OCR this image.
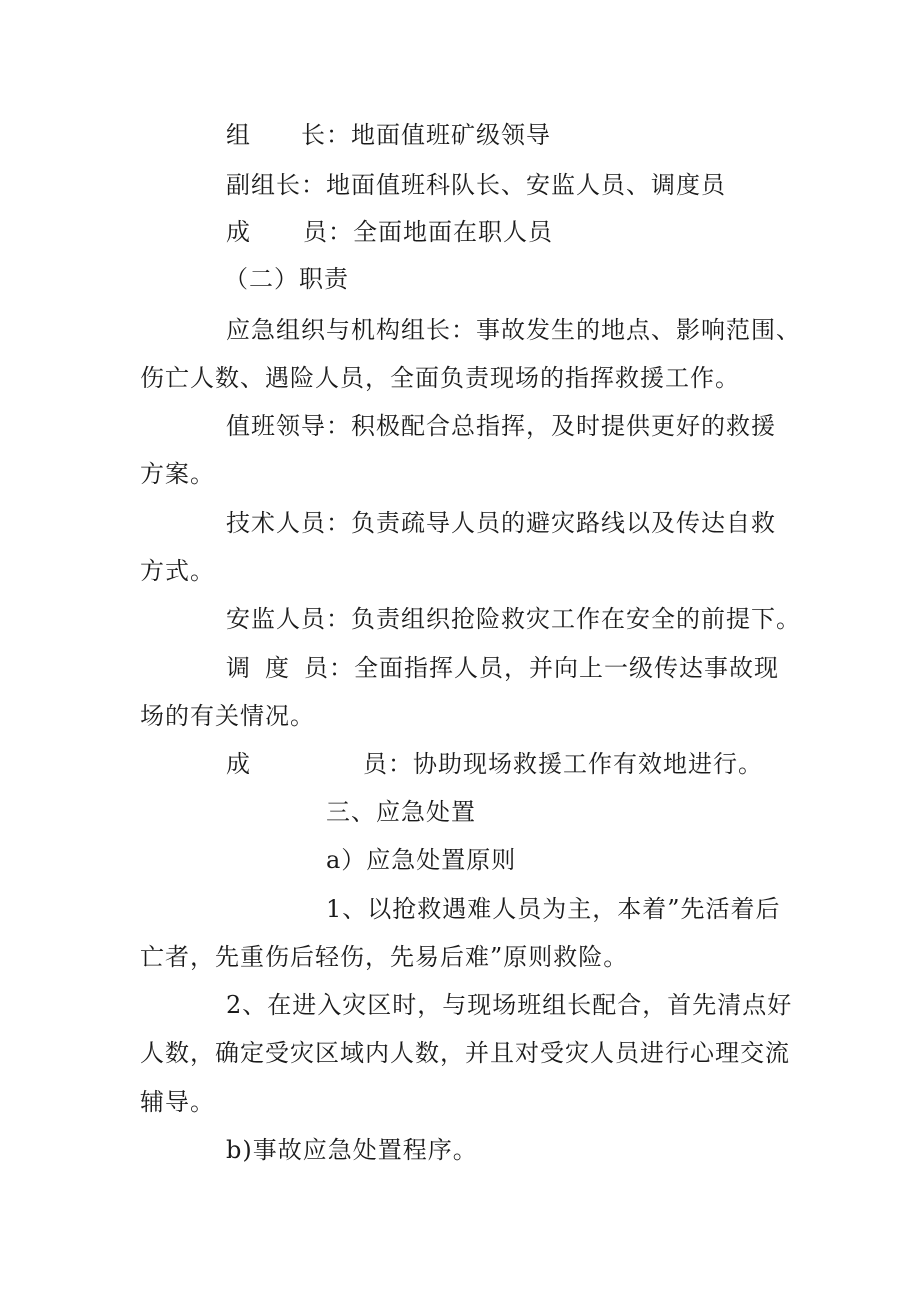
组 长：地面值班矿级领导
副组长：地面值班科队长、安监人员、调度员
成 员：全面地面在职人员
（二）职责
应急组织与机构组长：事故发生的地点、影响范围、
伤亡人数、遇险人员，全面负责现场的指挥救援工作。
值班领导：积极配合总指挥，及时提供更好的救援
方案。
技术人员：负责疏导人员的避灾路线以及传达自救
方式。
安监人员：负责组织抢险救灾工作在安全的前提下。
调 度 员：全面指挥人员，并向上一级传达事故现
场的有关情况。
成	员：协助现场救援工作有效地进行。
三、应急处置
a）应急处置原则
1、以抢救遇难人员为主，本着”先活着后
亡者，先重伤后轻伤，先易后难”原则救险。
2、在进入灾区时，与现场班组长配合，首先清点好
人数，确定受灾区域内人数，并且对受灾人员进行心理交流
辅导。
b)事故应急处置程序。
